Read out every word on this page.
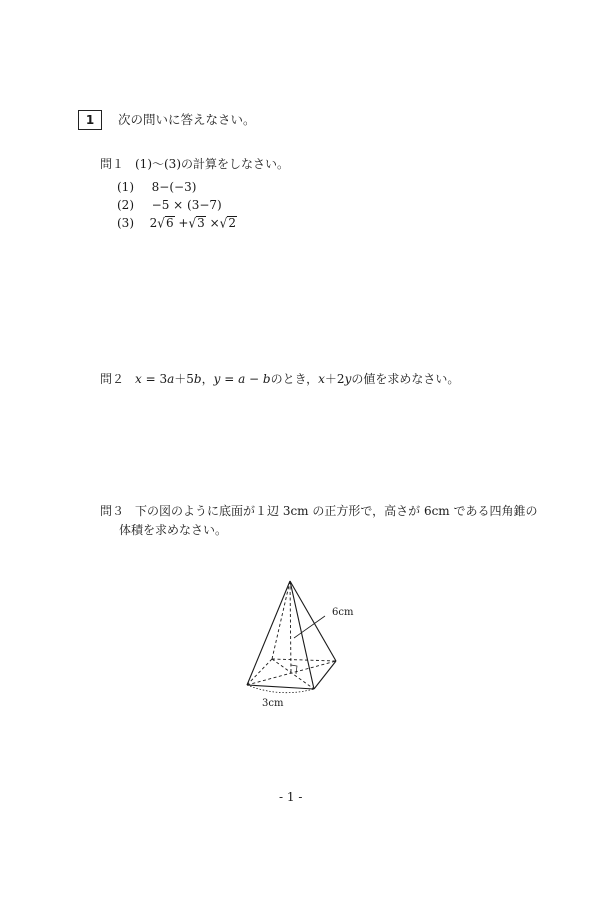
1 次の問いに答えなさい。
問１ (1)〜(3)の計算をしなさい。
(1) 8−(−3)
(2) −5 × (3−7)
(3) 2√6 +√3 ×√2
問２ x = 3a＋5b，y = a − bのとき，x＋2yの値を求めなさい。
問３ 下の図のように底面が１辺 3cm の正方形で，高さが 6cm である四角錐の
体積を求めなさい。
6cm
3cm
- 1 -
